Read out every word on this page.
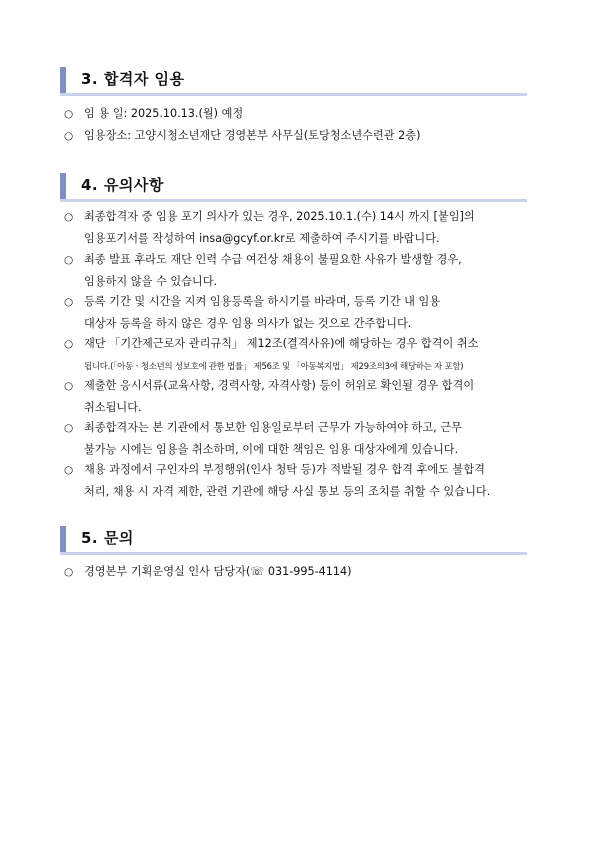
3. 합격자 임용
○ 임 용 일: 2025.10.13.(월) 예정
○ 임용장소: 고양시청소년재단 경영본부 사무실(토당청소년수련관 2층)
4. 유의사항
○ 최종합격자 중 임용 포기 의사가 있는 경우, 2025.10.1.(수) 14시 까지 [붙임]의
임용포기서를 작성하여 insa@gcyf.or.kr로 제출하여 주시기를 바랍니다.
○ 최종 발표 후라도 재단 인력 수급 여건상 채용이 불필요한 사유가 발생할 경우,
임용하지 않을 수 있습니다.
○ 등록 기간 및 시간을 지켜 임용등록을 하시기를 바라며, 등록 기간 내 임용
대상자 등록을 하지 않은 경우 임용 의사가 없는 것으로 간주합니다.
○ 재단 「기간제근로자 관리규칙」 제12조(결격사유)에 해당하는 경우 합격이 취소
됩니다.(「아동ㆍ청소년의 성보호에 관한 법률」 제56조 및 「아동복지법」 제29조의3에 해당하는 자 포함)
○ 제출한 응시서류(교육사항, 경력사항, 자격사항) 등이 허위로 확인될 경우 합격이
취소됩니다.
○ 최종합격자는 본 기관에서 통보한 임용일로부터 근무가 가능하여야 하고, 근무
불가능 시에는 임용을 취소하며, 이에 대한 책임은 임용 대상자에게 있습니다.
○ 채용 과정에서 구인자의 부정행위(인사 청탁 등)가 적발될 경우 합격 후에도 불합격
처리, 채용 시 자격 제한, 관련 기관에 해당 사실 통보 등의 조치를 취할 수 있습니다.
5. 문의
○ 경영본부 기획운영실 인사 담당자(☏ 031-995-4114)
